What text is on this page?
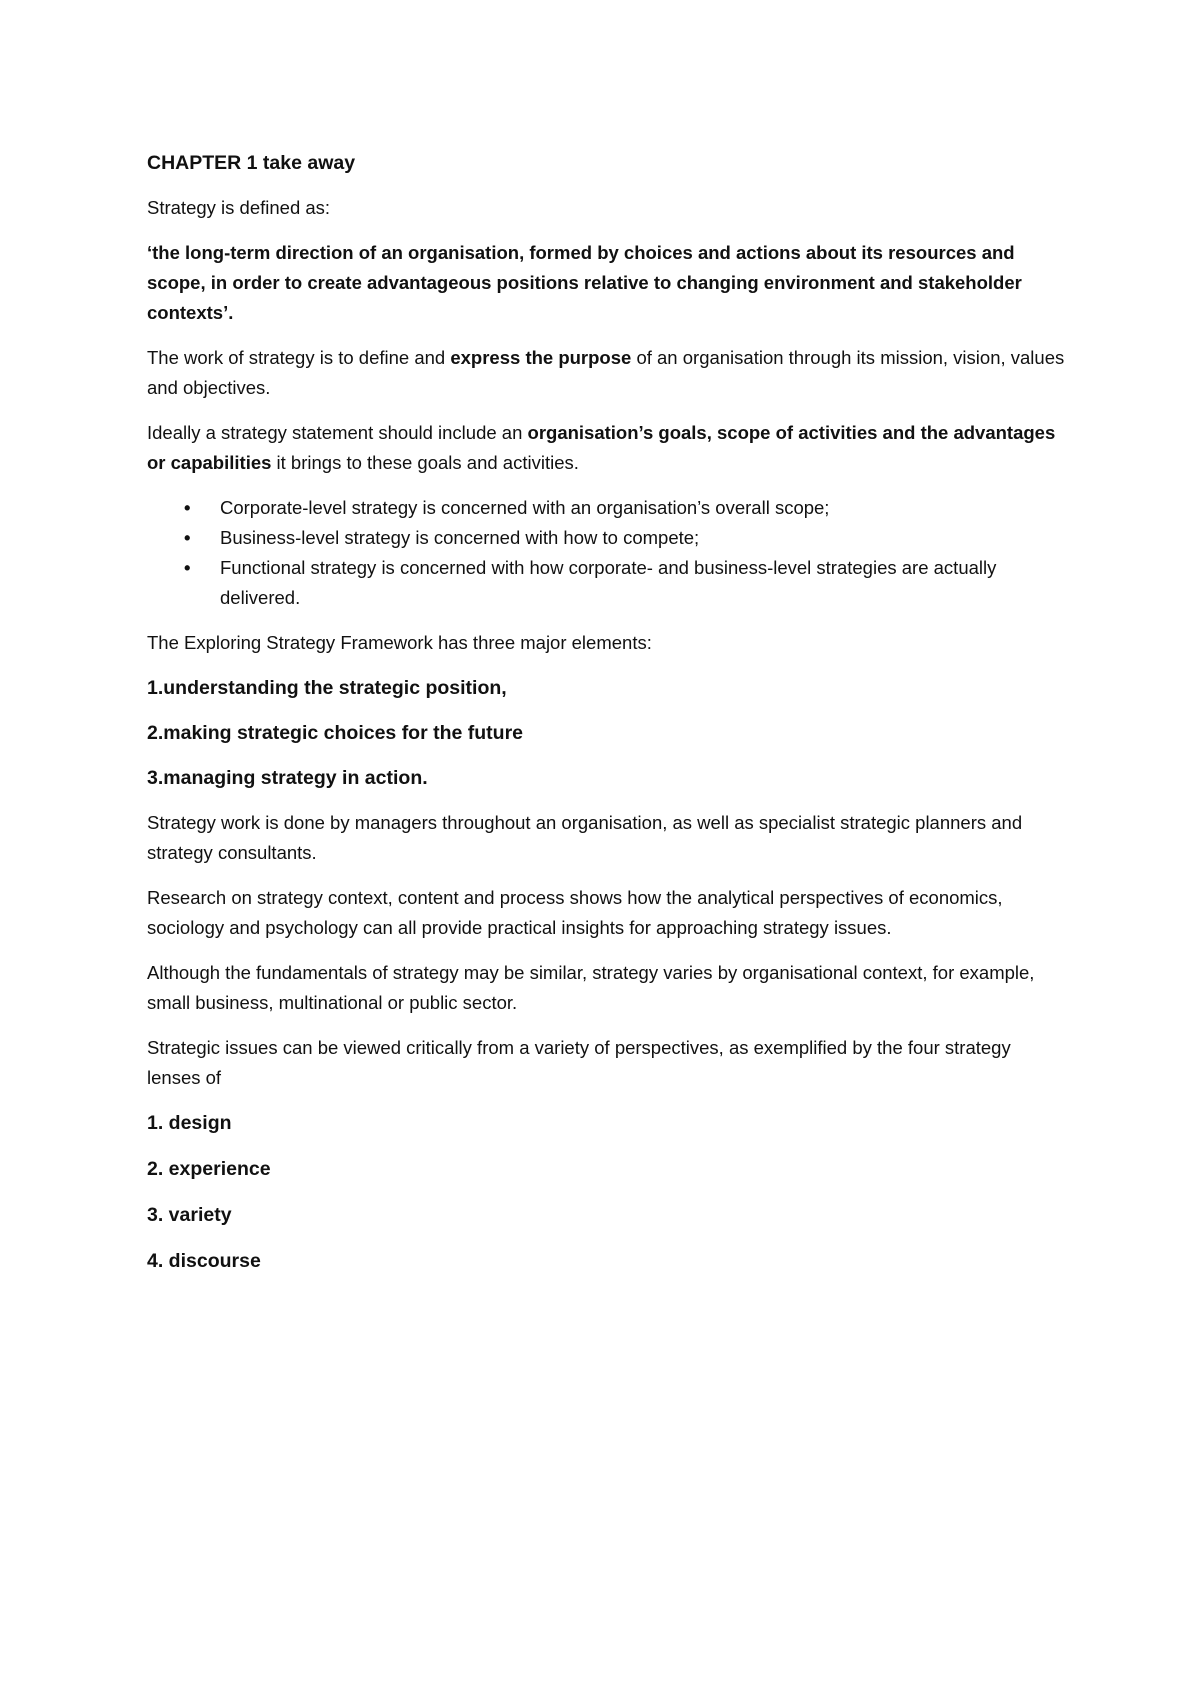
CHAPTER 1 take away

Strategy is defined as:

‘the long-term direction of an organisation, formed by choices and actions about its resources and scope, in order to create advantageous positions relative to changing environment and stakeholder contexts’.

The work of strategy is to define and express the purpose of an organisation through its mission, vision, values and objectives.

Ideally a strategy statement should include an organisation’s goals, scope of activities and the advantages or capabilities it brings to these goals and activities.

• Corporate-level strategy is concerned with an organisation’s overall scope;
• Business-level strategy is concerned with how to compete;
• Functional strategy is concerned with how corporate- and business-level strategies are actually delivered.

The Exploring Strategy Framework has three major elements:

1.understanding the strategic position,

2.making strategic choices for the future

3.managing strategy in action.

Strategy work is done by managers throughout an organisation, as well as specialist strategic planners and strategy consultants.

Research on strategy context, content and process shows how the analytical perspectives of economics, sociology and psychology can all provide practical insights for approaching strategy issues.

Although the fundamentals of strategy may be similar, strategy varies by organisational context, for example, small business, multinational or public sector.

Strategic issues can be viewed critically from a variety of perspectives, as exemplified by the four strategy lenses of

1. design

2. experience

3. variety

4. discourse
